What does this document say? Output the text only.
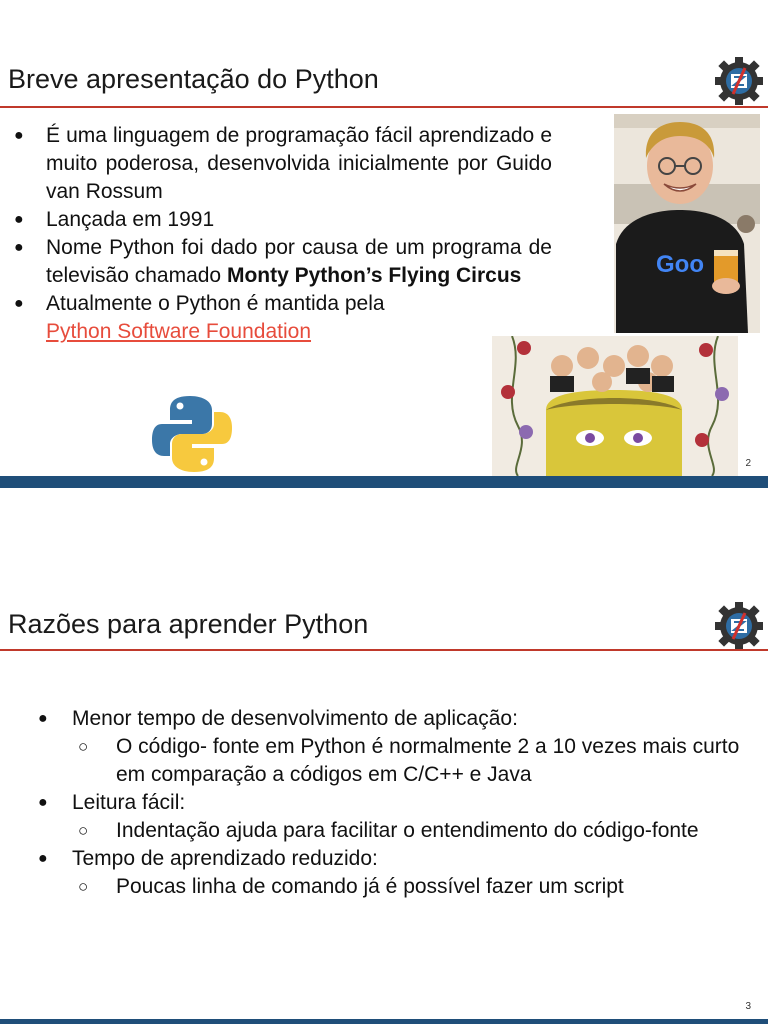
Breve apresentação do Python
● É uma linguagem de programação fácil aprendizado e muito poderosa, desenvolvida inicialmente por Guido van Rossum
● Lançada em 1991
● Nome Python foi dado por causa de um programa de televisão chamado Monty Python’s Flying Circus
● Atualmente o Python é mantida pela
Python Software Foundation
Goo
2
Razões para aprender Python
● Menor tempo de desenvolvimento de aplicação:
○ O código- fonte em Python é normalmente 2 a 10 vezes mais curto em comparação a códigos em C/C++ e Java
● Leitura fácil:
○ Indentação ajuda para facilitar o entendimento do código-fonte
● Tempo de aprendizado reduzido:
○ Poucas linha de comando já é possível fazer um script
3
